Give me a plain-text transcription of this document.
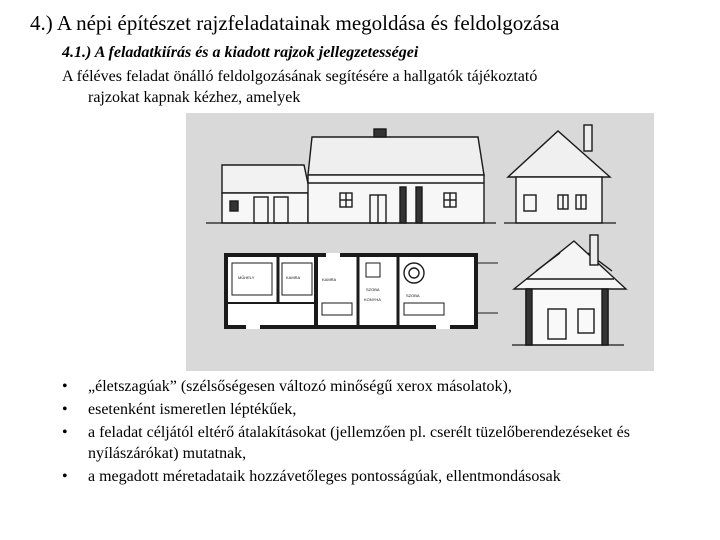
4.) A népi építészet rajzfeladatainak megoldása és feldolgozása
4.1.) A feladatkiírás és a kiadott rajzok jellegzetességei
A féléves feladat önálló feldolgozásának segítésére a hallgatók tájékoztató
rajzokat kapnak kézhez, amelyek
MŰHELY	KAMRA	KAMRA
SZOBA
KONYHA
SZOBA
• „életszagúak” (szélsőségesen változó minőségű xerox másolatok),
• esetenként ismeretlen léptékűek,
• a feladat céljától eltérő átalakításokat (jellemzően pl. cserélt tüzelőberendezéseket és nyílászárókat) mutatnak,
• a megadott méretadataik hozzávetőleges pontosságúak, ellentmondásosak
